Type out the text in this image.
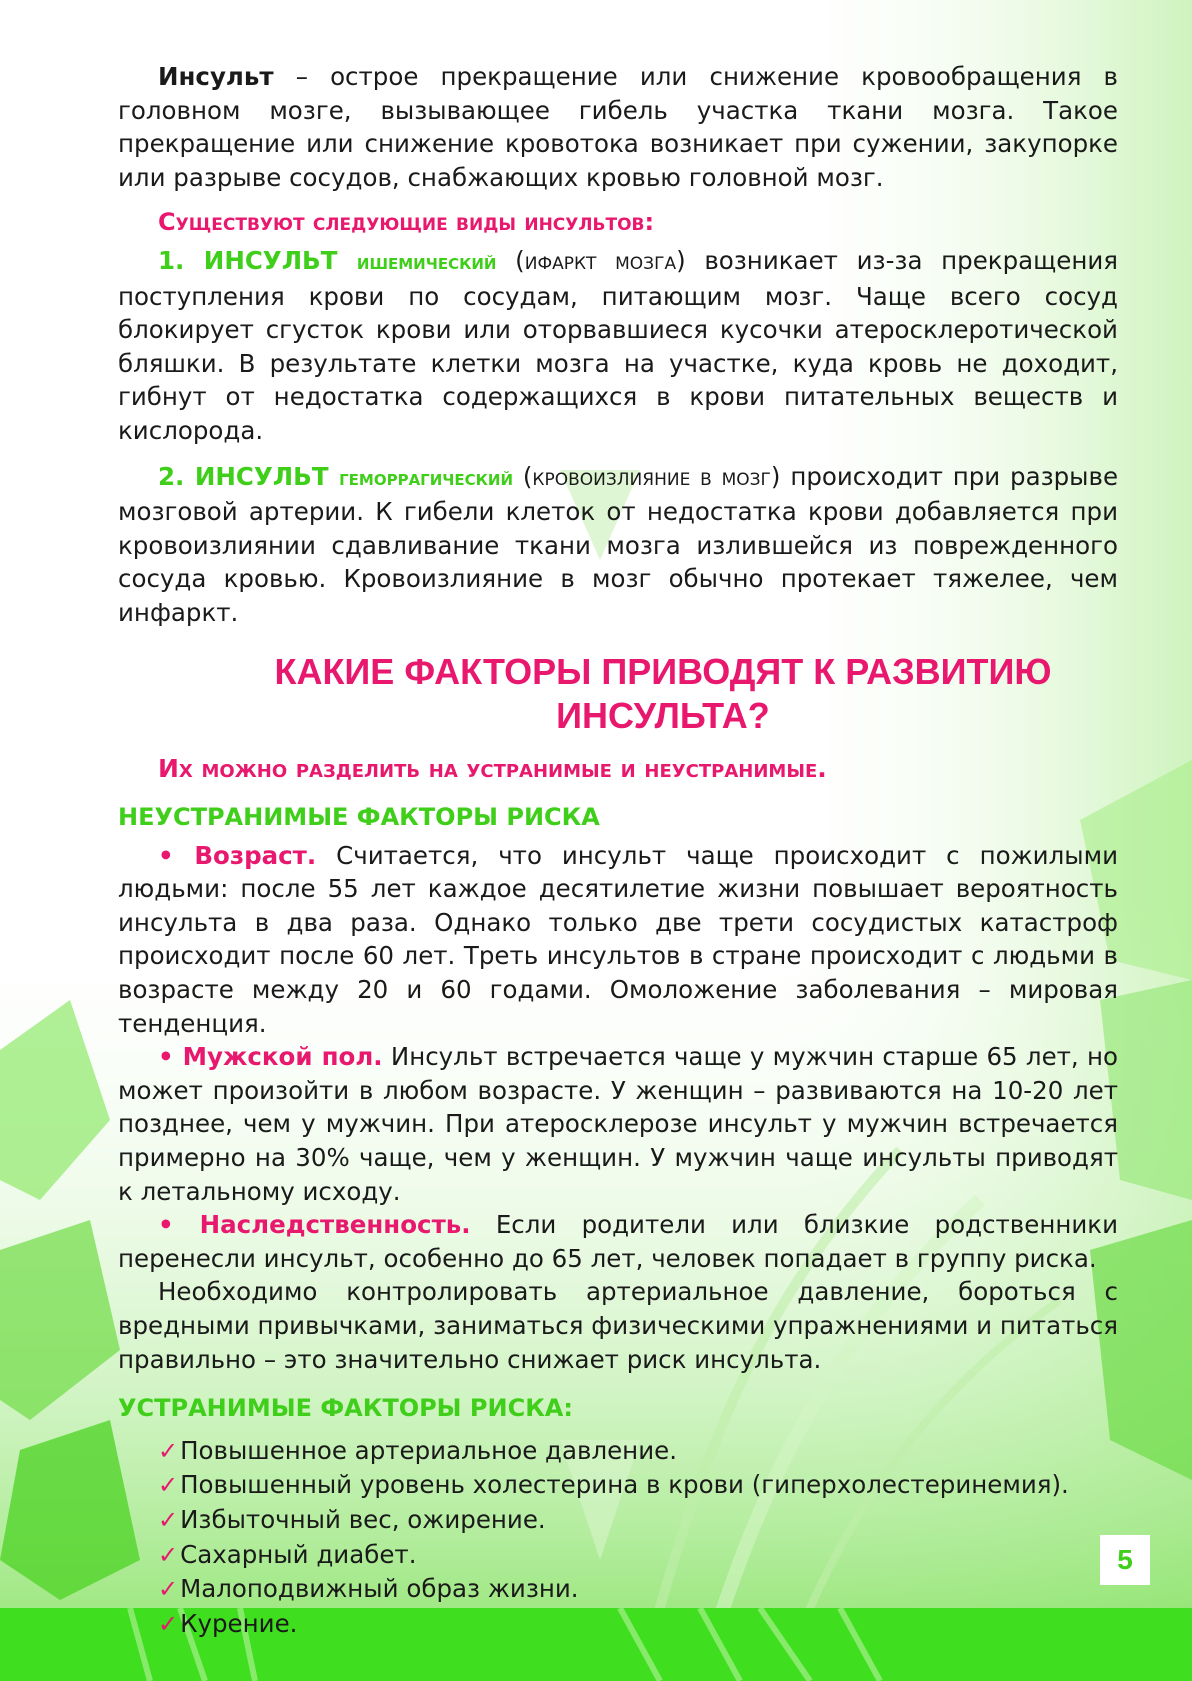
Инсульт – острое прекращение или снижение кровообращения в головном мозге, вызывающее гибель участка ткани мозга. Такое прекращение или снижение кровотока возникает при сужении, закупорке или разрыве сосудов, снабжающих кровью головной мозг.

Существуют следующие виды инсультов:

1. ИНСУЛЬТ ишемический (ифаркт мозга) возникает из-за прекращения поступления крови по сосудам, питающим мозг. Чаще всего сосуд блокирует сгусток крови или оторвавшиеся кусочки атеросклеротической бляшки. В результате клетки мозга на участке, куда кровь не доходит, гибнут от недостатка содержащихся в крови питательных веществ и кислорода.

2. ИНСУЛЬТ геморрагический (кровоизлияние в мозг) происходит при разрыве мозговой артерии. К гибели клеток от недостатка крови добавляется при кровоизлиянии сдавливание ткани мозга излившейся из поврежденного сосуда кровью. Кровоизлияние в мозг обычно протекает тяжелее, чем инфаркт.

КАКИЕ ФАКТОРЫ ПРИВОДЯТ К РАЗВИТИЮ ИНСУЛЬТА?
Их можно разделить на устранимые и неустранимые.
НЕУСТРАНИМЫЕ ФАКТОРЫ РИСКА

• Возраст. Считается, что инсульт чаще происходит с пожилыми людьми: после 55 лет каждое десятилетие жизни повышает вероятность инсульта в два раза. Однако только две трети сосудистых катастроф происходит после 60 лет. Треть инсультов в стране происходит с людьми в возрасте между 20 и 60 годами. Омоложение заболевания – мировая тенденция.

• Мужской пол. Инсульт встречается чаще у мужчин старше 65 лет, но может произойти в любом возрасте. У женщин – развиваются на 10-20 лет позднее, чем у мужчин. При атеросклерозе инсульт у мужчин встречается примерно на 30% чаще, чем у женщин. У мужчин чаще инсульты приводят к летальному исходу.

• Наследственность. Если родители или близкие родственники перенесли инсульт, особенно до 65 лет, человек попадает в группу риска.

Необходимо контролировать артериальное давление, бороться с вредными привычками, заниматься физическими упражнениями и питаться правильно – это значительно снижает риск инсульта.

УСТРАНИМЫЕ ФАКТОРЫ РИСКА:
✓ Повышенное артериальное давление.
✓ Повышенный уровень холестерина в крови (гиперхолестеринемия).
✓ Избыточный вес, ожирение.
✓ Сахарный диабет.
✓ Малоподвижный образ жизни.
✓ Курение.
5
